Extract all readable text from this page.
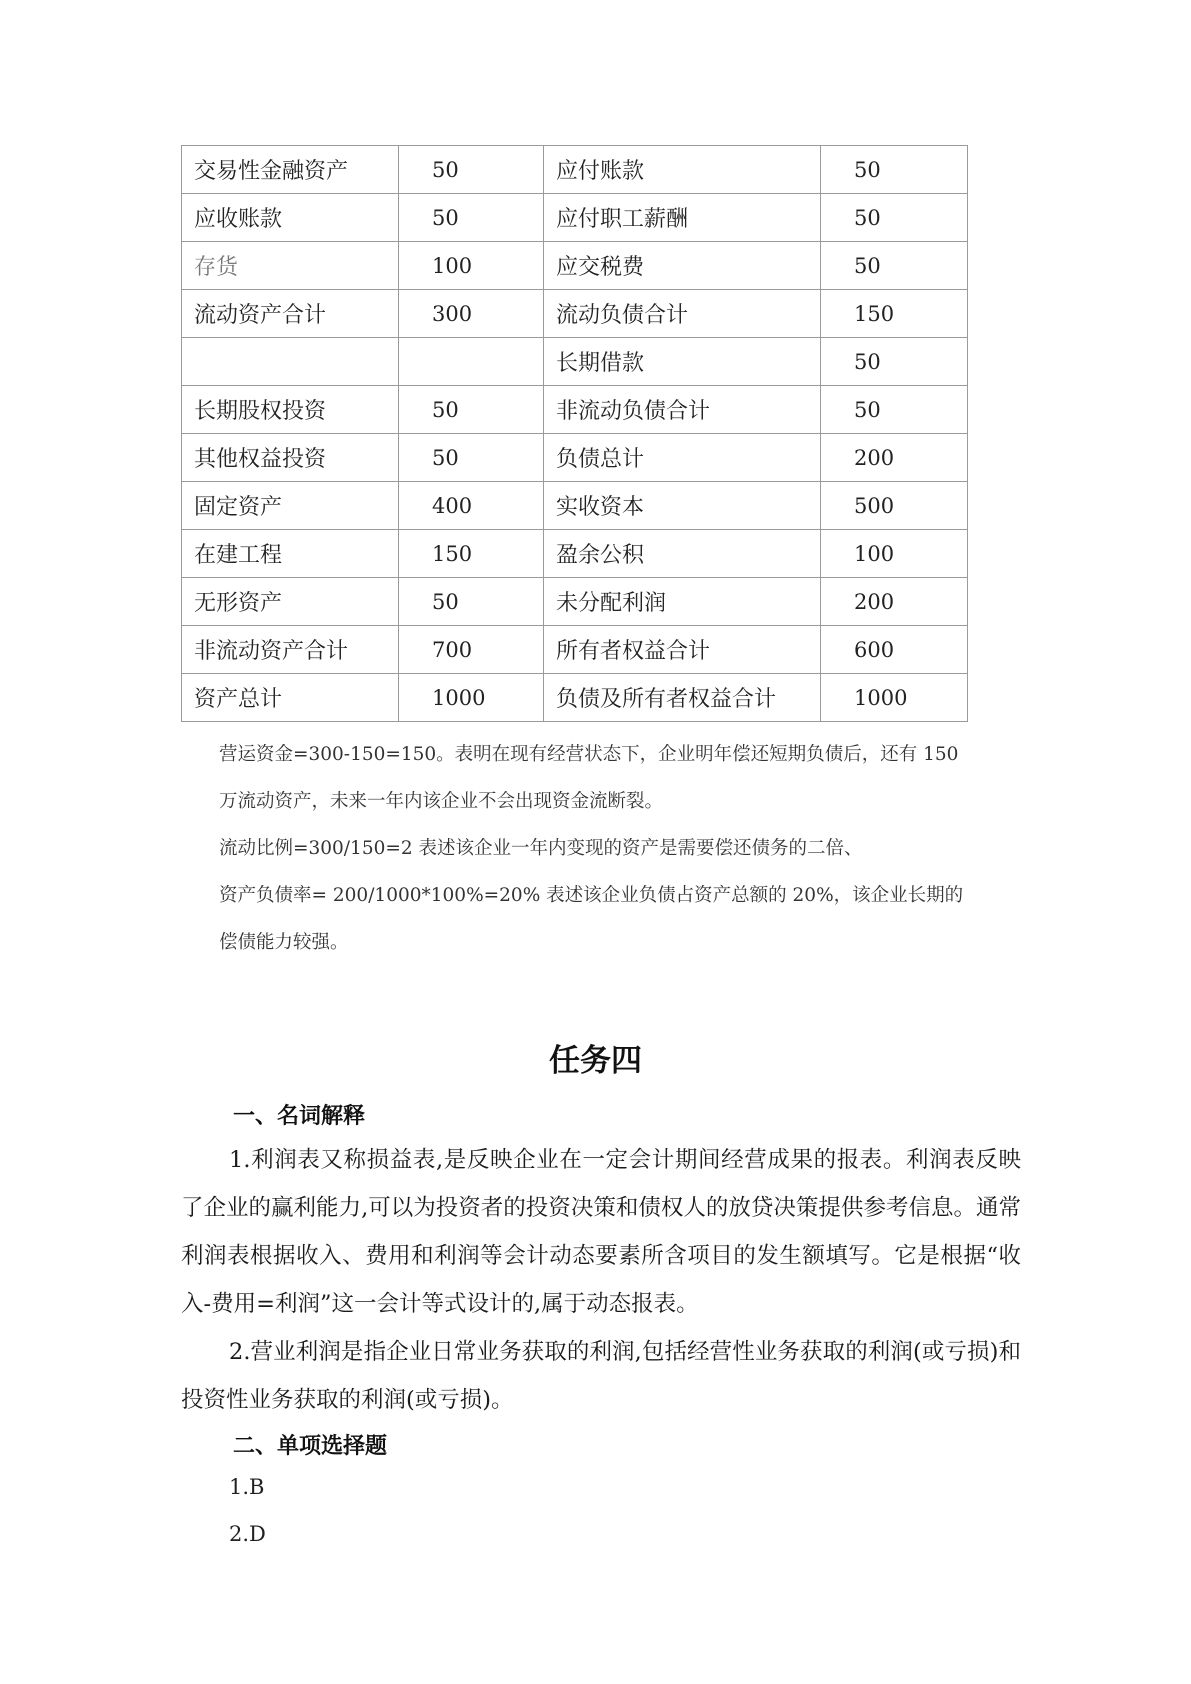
交易性金融资产	50	应付账款	50
应收账款	50	应付职工薪酬	50
存货	100	应交税费	50
流动资产合计	300	流动负债合计	150
		长期借款	50
长期股权投资	50	非流动负债合计	50
其他权益投资	50	负债总计	200
固定资产	400	实收资本	500
在建工程	150	盈余公积	100
无形资产	50	未分配利润	200
非流动资产合计	700	所有者权益合计	600
资产总计	1000	负债及所有者权益合计	1000
营运资金=300-150=150。表明在现有经营状态下，企业明年偿还短期负债后，还有 150
万流动资产，未来一年内该企业不会出现资金流断裂。
流动比例=300/150=2 表述该企业一年内变现的资产是需要偿还债务的二倍、
资产负债率= 200/1000*100%=20% 表述该企业负债占资产总额的 20%，该企业长期的
偿债能力较强。
任务四
一、名词解释
1.利润表又称损益表,是反映企业在一定会计期间经营成果的报表。利润表反映了企业的赢利能力,可以为投资者的投资决策和债权人的放贷决策提供参考信息。通常利润表根据收入、费用和利润等会计动态要素所含项目的发生额填写。它是根据“收入-费用=利润”这一会计等式设计的,属于动态报表。
2.营业利润是指企业日常业务获取的利润,包括经营性业务获取的利润(或亏损)和投资性业务获取的利润(或亏损)。
二、单项选择题
1.B
2.D
